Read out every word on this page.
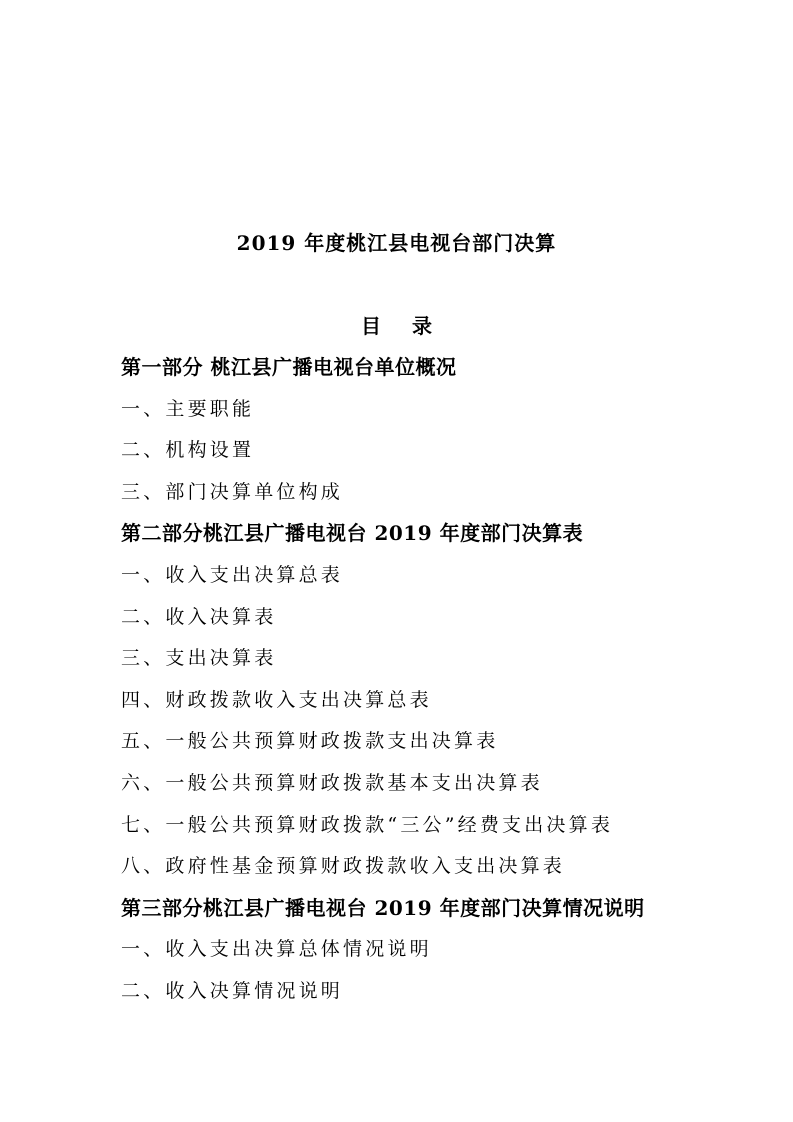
2019 年度桃江县电视台部门决算
目 录
第一部分 桃江县广播电视台单位概况
一、主要职能
二、机构设置
三、部门决算单位构成
第二部分桃江县广播电视台 2019 年度部门决算表
一、收入支出决算总表
二、收入决算表
三、支出决算表
四、财政拨款收入支出决算总表
五、一般公共预算财政拨款支出决算表
六、一般公共预算财政拨款基本支出决算表
七、一般公共预算财政拨款“三公”经费支出决算表
八、政府性基金预算财政拨款收入支出决算表
第三部分桃江县广播电视台 2019 年度部门决算情况说明
一、收入支出决算总体情况说明
二、收入决算情况说明
